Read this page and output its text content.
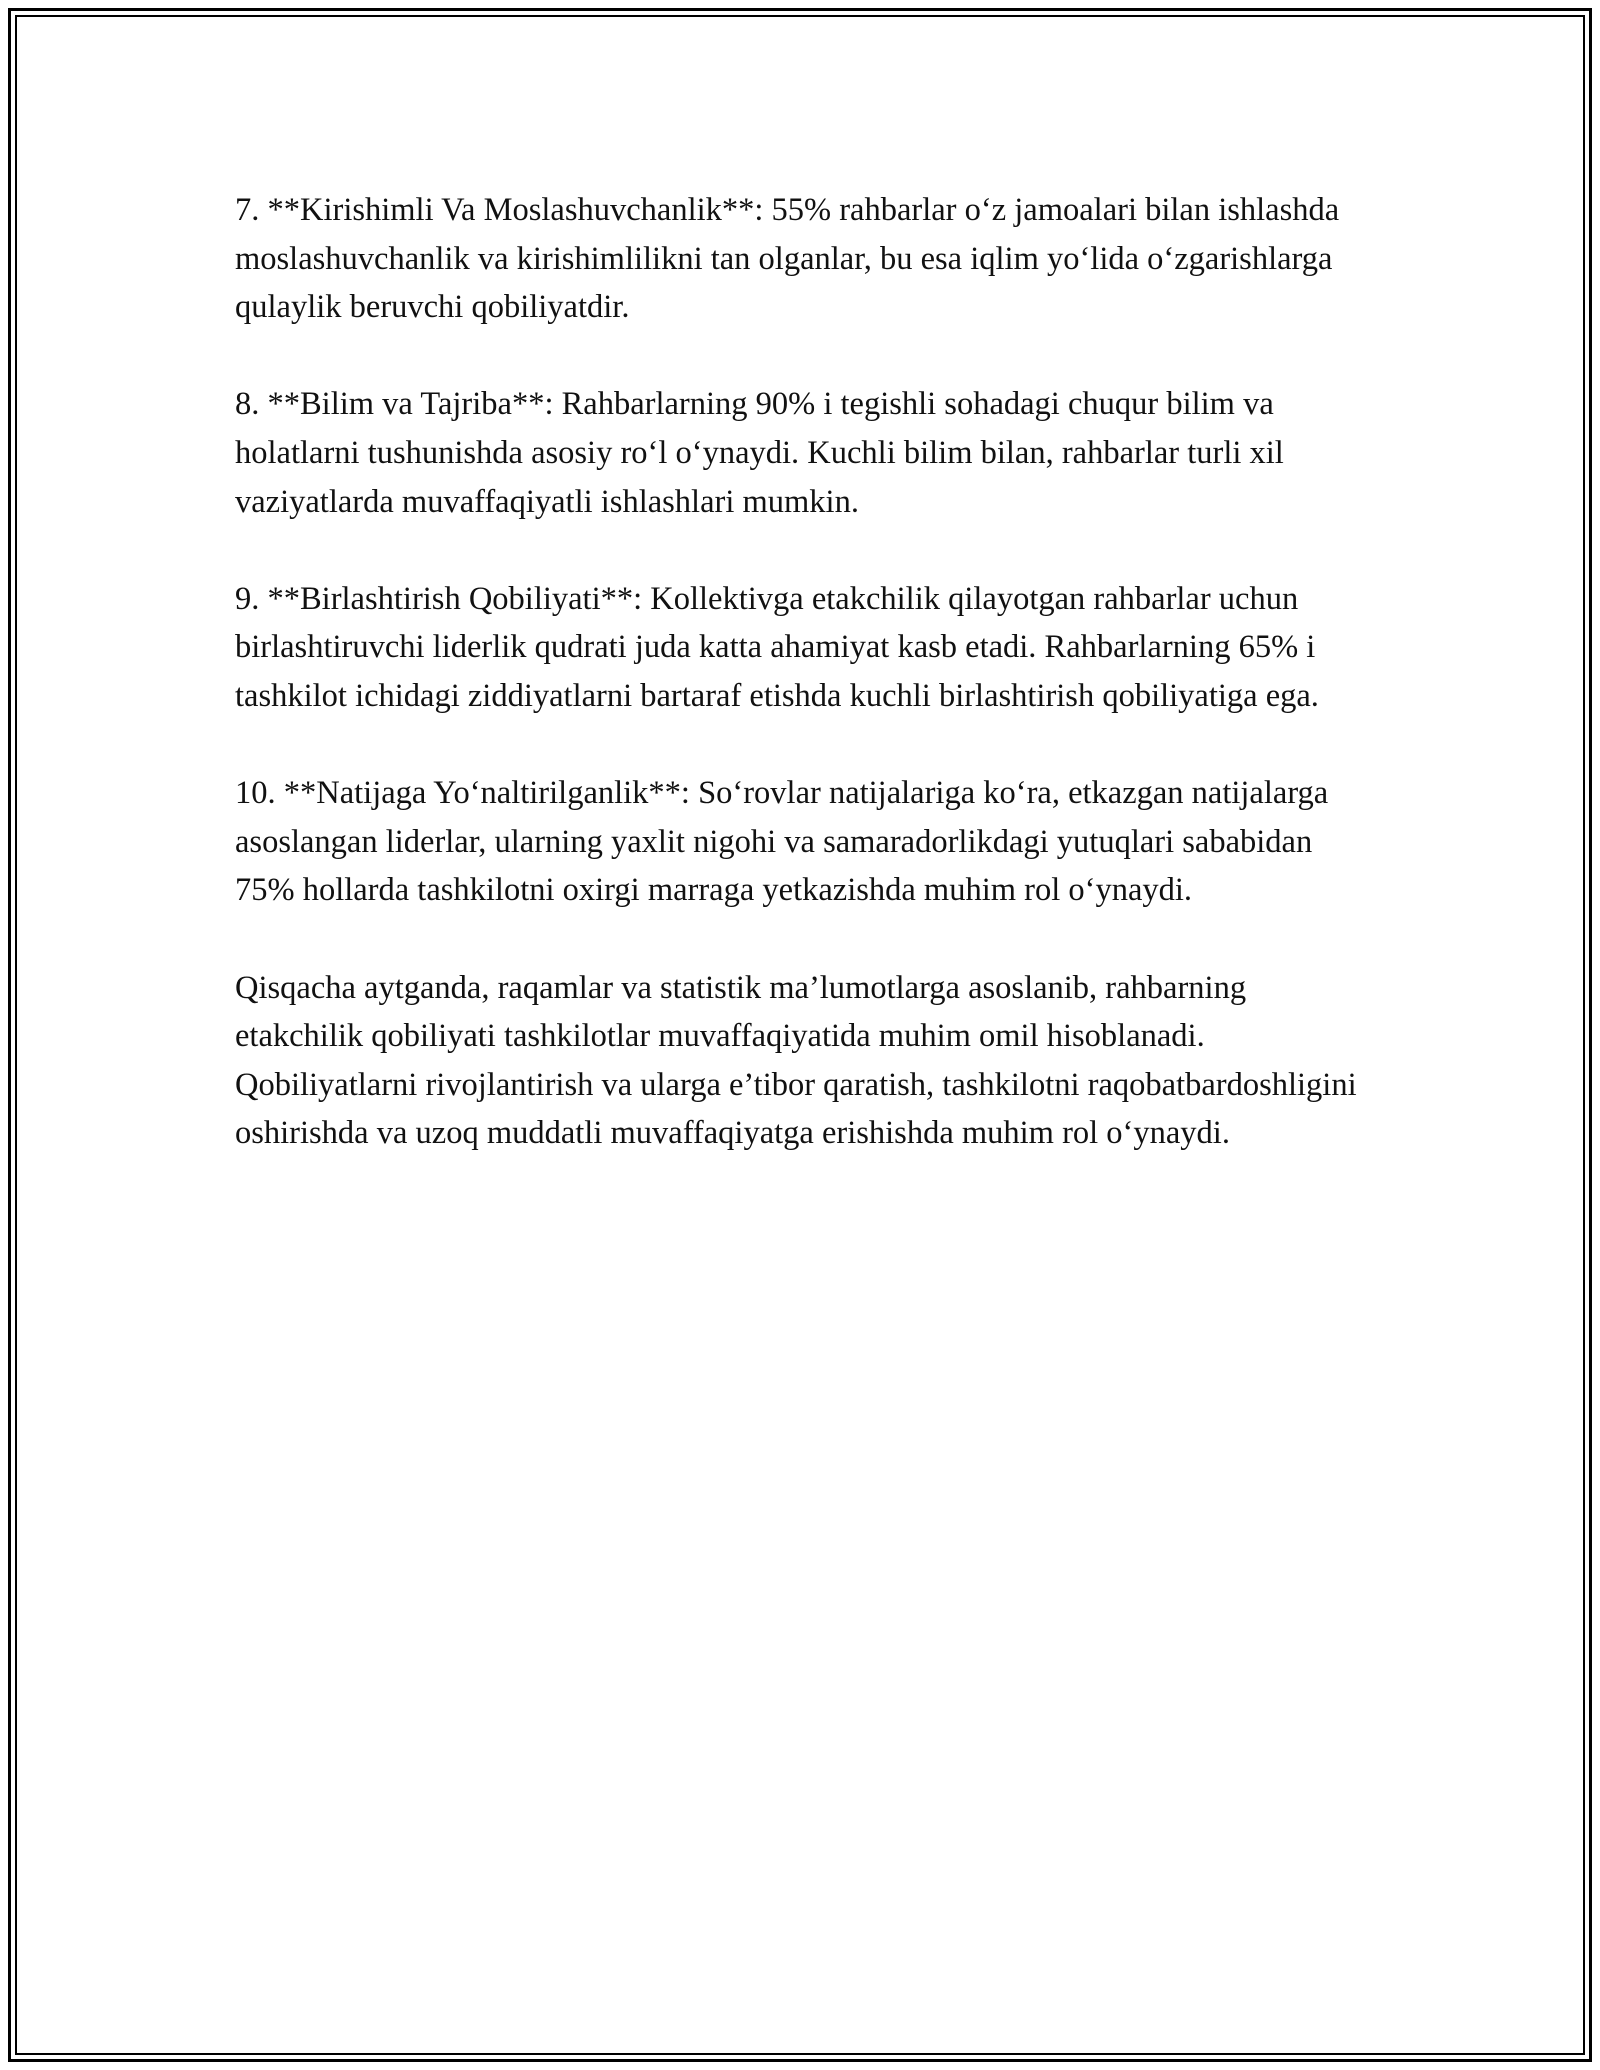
7. **Kirishimli Va Moslashuvchanlik**: 55% rahbarlar o‘z jamoalari bilan ishlashda moslashuvchanlik va kirishimlilikni tan olganlar, bu esa iqlim yo‘lida o‘zgarishlarga qulaylik beruvchi qobiliyatdir.

8. **Bilim va Tajriba**: Rahbarlarning 90% i tegishli sohadagi chuqur bilim va holatlarni tushunishda asosiy ro‘l o‘ynaydi. Kuchli bilim bilan, rahbarlar turli xil vaziyatlarda muvaffaqiyatli ishlashlari mumkin.

9. **Birlashtirish Qobiliyati**: Kollektivga etakchilik qilayotgan rahbarlar uchun birlashtiruvchi liderlik qudrati juda katta ahamiyat kasb etadi. Rahbarlarning 65% i tashkilot ichidagi ziddiyatlarni bartaraf etishda kuchli birlashtirish qobiliyatiga ega.

10. **Natijaga Yo‘naltirilganlik**: So‘rovlar natijalariga ko‘ra, etkazgan natijalarga asoslangan liderlar, ularning yaxlit nigohi va samaradorlikdagi yutuqlari sababidan 75% hollarda tashkilotni oxirgi marraga yetkazishda muhim rol o‘ynaydi.

Qisqacha aytganda, raqamlar va statistik ma’lumotlarga asoslanib, rahbarning etakchilik qobiliyati tashkilotlar muvaffaqiyatida muhim omil hisoblanadi. Qobiliyatlarni rivojlantirish va ularga e’tibor qaratish, tashkilotni raqobatbardoshligini oshirishda va uzoq muddatli muvaffaqiyatga erishishda muhim rol o‘ynaydi.
